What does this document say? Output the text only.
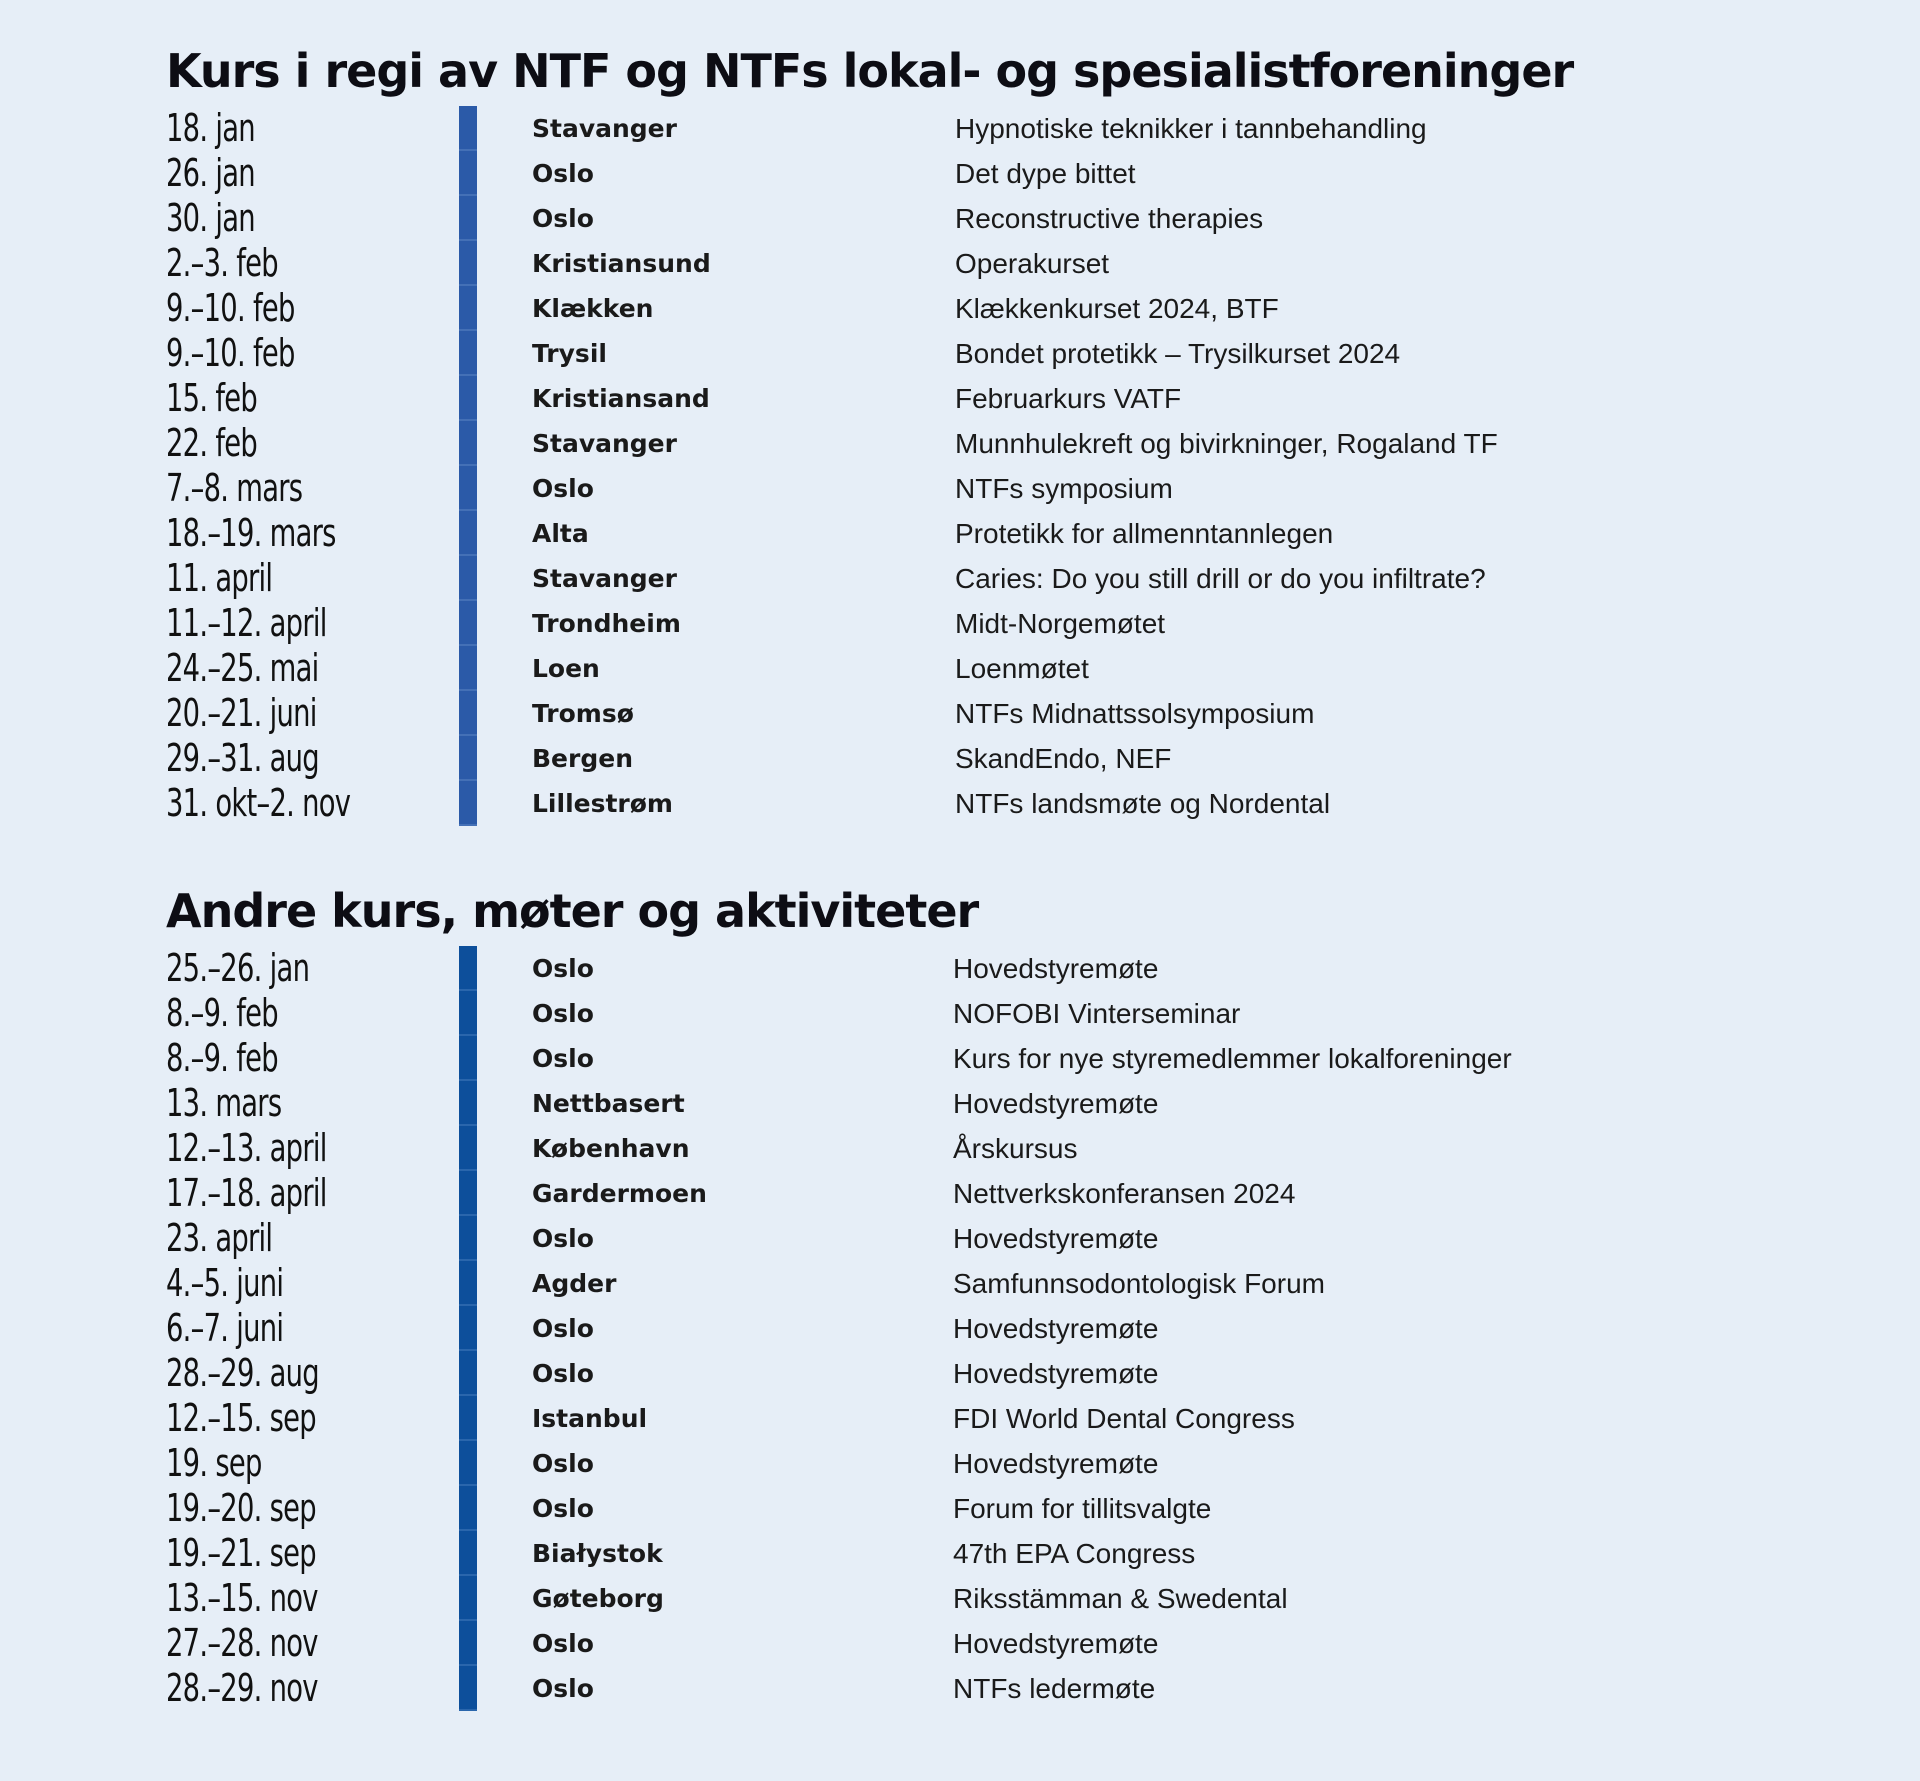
Kurs i regi av NTF og NTFs lokal- og spesialistforeninger
18. jan	Stavanger	Hypnotiske teknikker i tannbehandling
26. jan	Oslo	Det dype bittet
30. jan	Oslo	Reconstructive therapies
2.–3. feb	Kristiansund	Operakurset
9.–10. feb	Klækken	Klækkenkurset 2024, BTF
9.–10. feb	Trysil	Bondet protetikk – Trysilkurset 2024
15. feb	Kristiansand	Februarkurs VATF
22. feb	Stavanger	Munnhulekreft og bivirkninger, Rogaland TF
7.–8. mars	Oslo	NTFs symposium
18.–19. mars	Alta	Protetikk for allmenntannlegen
11. april	Stavanger	Caries: Do you still drill or do you infiltrate?
11.–12. april	Trondheim	Midt-Norgemøtet
24.–25. mai	Loen	Loenmøtet
20.–21. juni	Tromsø	NTFs Midnattssolsymposium
29.–31. aug	Bergen	SkandEndo, NEF
31. okt–2. nov	Lillestrøm	NTFs landsmøte og Nordental
Andre kurs, møter og aktiviteter
25.–26. jan	Oslo	Hovedstyremøte
8.–9. feb	Oslo	NOFOBI Vinterseminar
8.–9. feb	Oslo	Kurs for nye styremedlemmer lokalforeninger
13. mars	Nettbasert	Hovedstyremøte
12.–13. april	København	Årskursus
17.–18. april	Gardermoen	Nettverkskonferansen 2024
23. april	Oslo	Hovedstyremøte
4.–5. juni	Agder	Samfunnsodontologisk Forum
6.–7. juni	Oslo	Hovedstyremøte
28.–29. aug	Oslo	Hovedstyremøte
12.–15. sep	Istanbul	FDI World Dental Congress
19. sep	Oslo	Hovedstyremøte
19.–20. sep	Oslo	Forum for tillitsvalgte
19.–21. sep	Białystok	47th EPA Congress
13.–15. nov	Gøteborg	Riksstämman & Swedental
27.–28. nov	Oslo	Hovedstyremøte
28.–29. nov	Oslo	NTFs ledermøte
